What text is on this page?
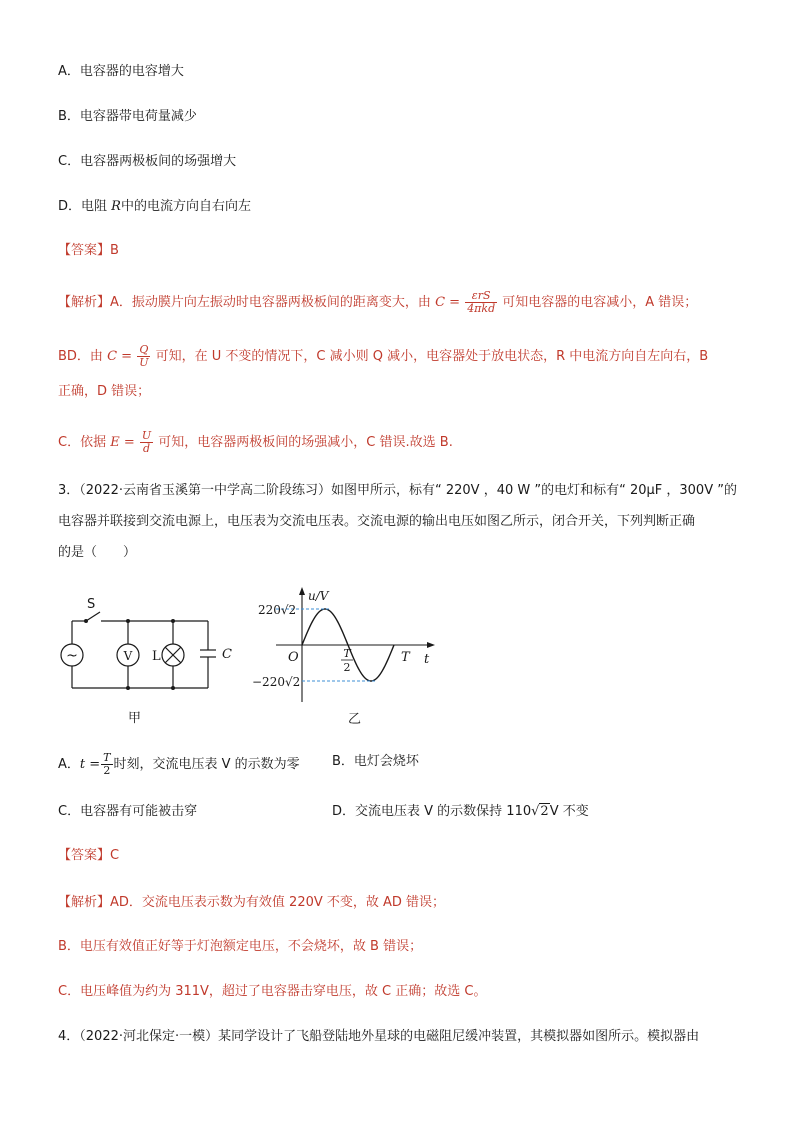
A．电容器的电容增大
B．电容器带电荷量减少
C．电容器两极板间的场强增大
D．电阻 R中的电流方向自右向左
【答案】B
【解析】A．振动膜片向左振动时电容器两极板间的距离变大，由 $C = \frac{\text{εrS}}{\text{4πkd}}$ 可知电容器的电容减小，A 错误；
BD．由 $C = \frac{Q}{U}$ 可知，在 U 不变的情况下，C 减小则 Q 减小，电容器处于放电状态，R 中电流方向自左向右，B
正确，D 错误；
C．依据 $E = \frac{U}{d}$ 可知，电容器两极板间的场强减小，C 错误.故选 B.
3．（2022·云南省玉溪第一中学高二阶段练习）如图甲所示，标有“ 220V ，40 W ”的电灯和标有“ 20μF ，300V ”的
电容器并联接到交流电源上，电压表为交流电压表。交流电源的输出电压如图乙所示，闭合开关，下列判断正确
的是（　　）
S
~	V L	C
甲
u/V
t
O
220√2
−220√2
T
2
T
乙
A．$t = \frac{T}{2}$ 时刻，交流电压表 V 的示数为零 B．电灯会烧坏
C．电容器有可能被击穿	D．交流电压表 V 的示数保持 110√2V 不变
【答案】C
【解析】AD．交流电压表示数为有效值 220V 不变，故 AD 错误；
B．电压有效值正好等于灯泡额定电压，不会烧坏，故 B 错误；
C．电压峰值为约为 311V，超过了电容器击穿电压，故 C 正确；故选 C。
4．（2022·河北保定·一模）某同学设计了飞船登陆地外星球的电磁阻尼缓冲装置，其模拟器如图所示。模拟器由
